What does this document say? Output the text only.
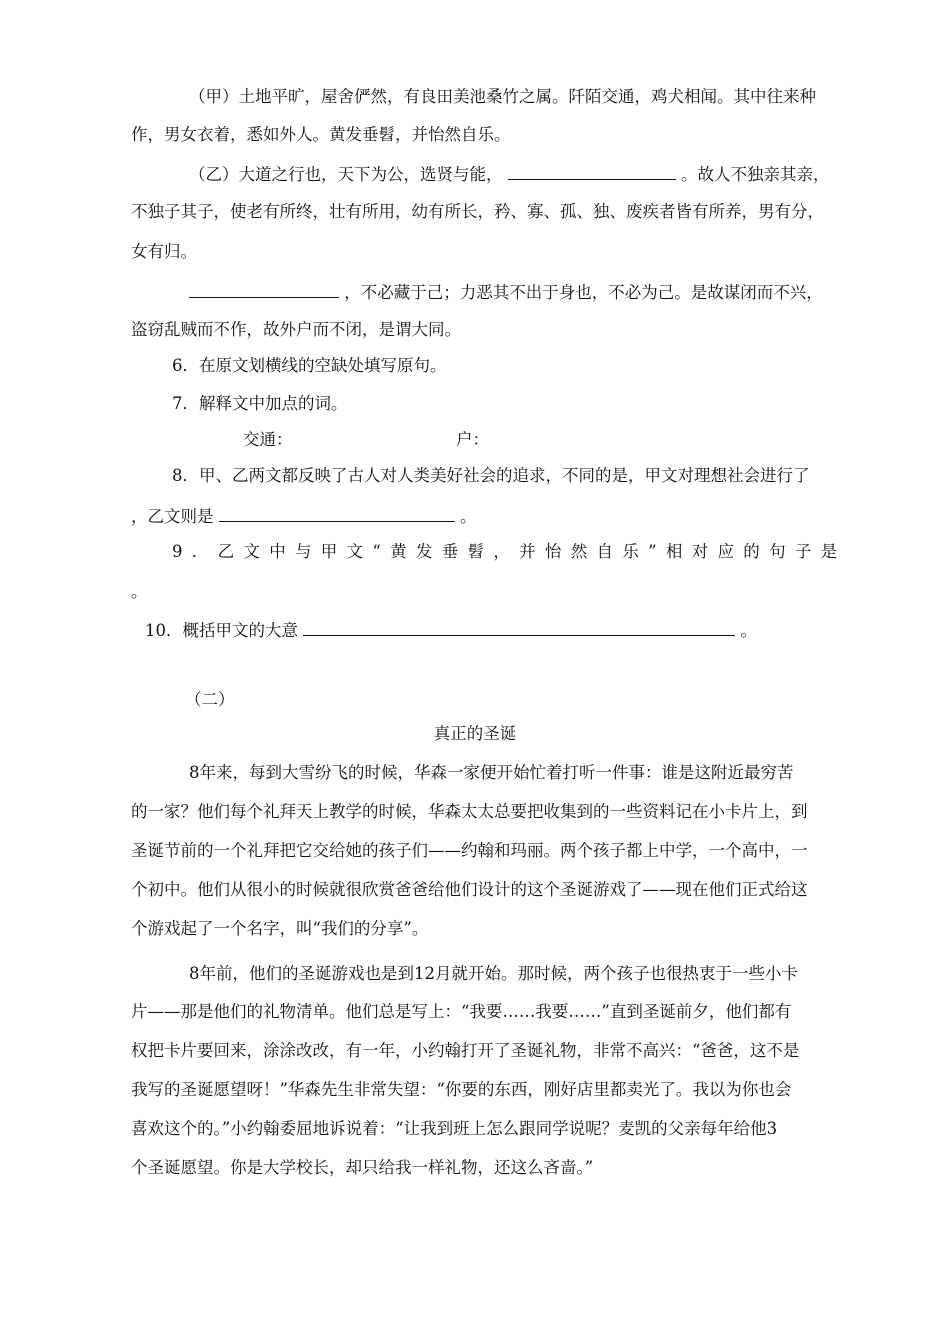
（甲）土地平旷，屋舍俨然，有良田美池桑竹之属。阡陌交通，鸡犬相闻。其中往来种
作，男女衣着，悉如外人。黄发垂髫，并怡然自乐。
（乙）大道之行也，天下为公，选贤与能，	。故人不独亲其亲，
不独子其子，使老有所终，壮有所用，幼有所长，矜、寡、孤、独、废疾者皆有所养，男有分，
女有归。
，不必藏于己；力恶其不出于身也，不必为己。是故谋闭而不兴，
盗窃乱贼而不作，故外户而不闭，是谓大同。
6．在原文划横线的空缺处填写原句。
7．解释文中加点的词。
交通：	户：
8．甲、乙两文都反映了古人对人类美好社会的追求，不同的是，甲文对理想社会进行了
，乙文则是	。
9．乙文中与甲文“黄发垂髫，并怡然自乐”相对应的句子是
。
10．概括甲文的大意	。
（二）
真正的圣诞
8年来，每到大雪纷飞的时候，华森一家便开始忙着打听一件事：谁是这附近最穷苦
的一家？他们每个礼拜天上教学的时候，华森太太总要把收集到的一些资料记在小卡片上，到
圣诞节前的一个礼拜把它交给她的孩子们——约翰和玛丽。两个孩子都上中学，一个高中，一
个初中。他们从很小的时候就很欣赏爸爸给他们设计的这个圣诞游戏了——现在他们正式给这
个游戏起了一个名字，叫“我们的分享”。
8年前，他们的圣诞游戏也是到12月就开始。那时候，两个孩子也很热衷于一些小卡
片——那是他们的礼物清单。他们总是写上：“我要……我要……”直到圣诞前夕，他们都有
权把卡片要回来，涂涂改改，有一年，小约翰打开了圣诞礼物，非常不高兴：“爸爸，这不是
我写的圣诞愿望呀！”华森先生非常失望：“你要的东西，刚好店里都卖光了。我以为你也会
喜欢这个的。”小约翰委屈地诉说着：“让我到班上怎么跟同学说呢？麦凯的父亲每年给他3
个圣诞愿望。你是大学校长，却只给我一样礼物，还这么吝啬。”
